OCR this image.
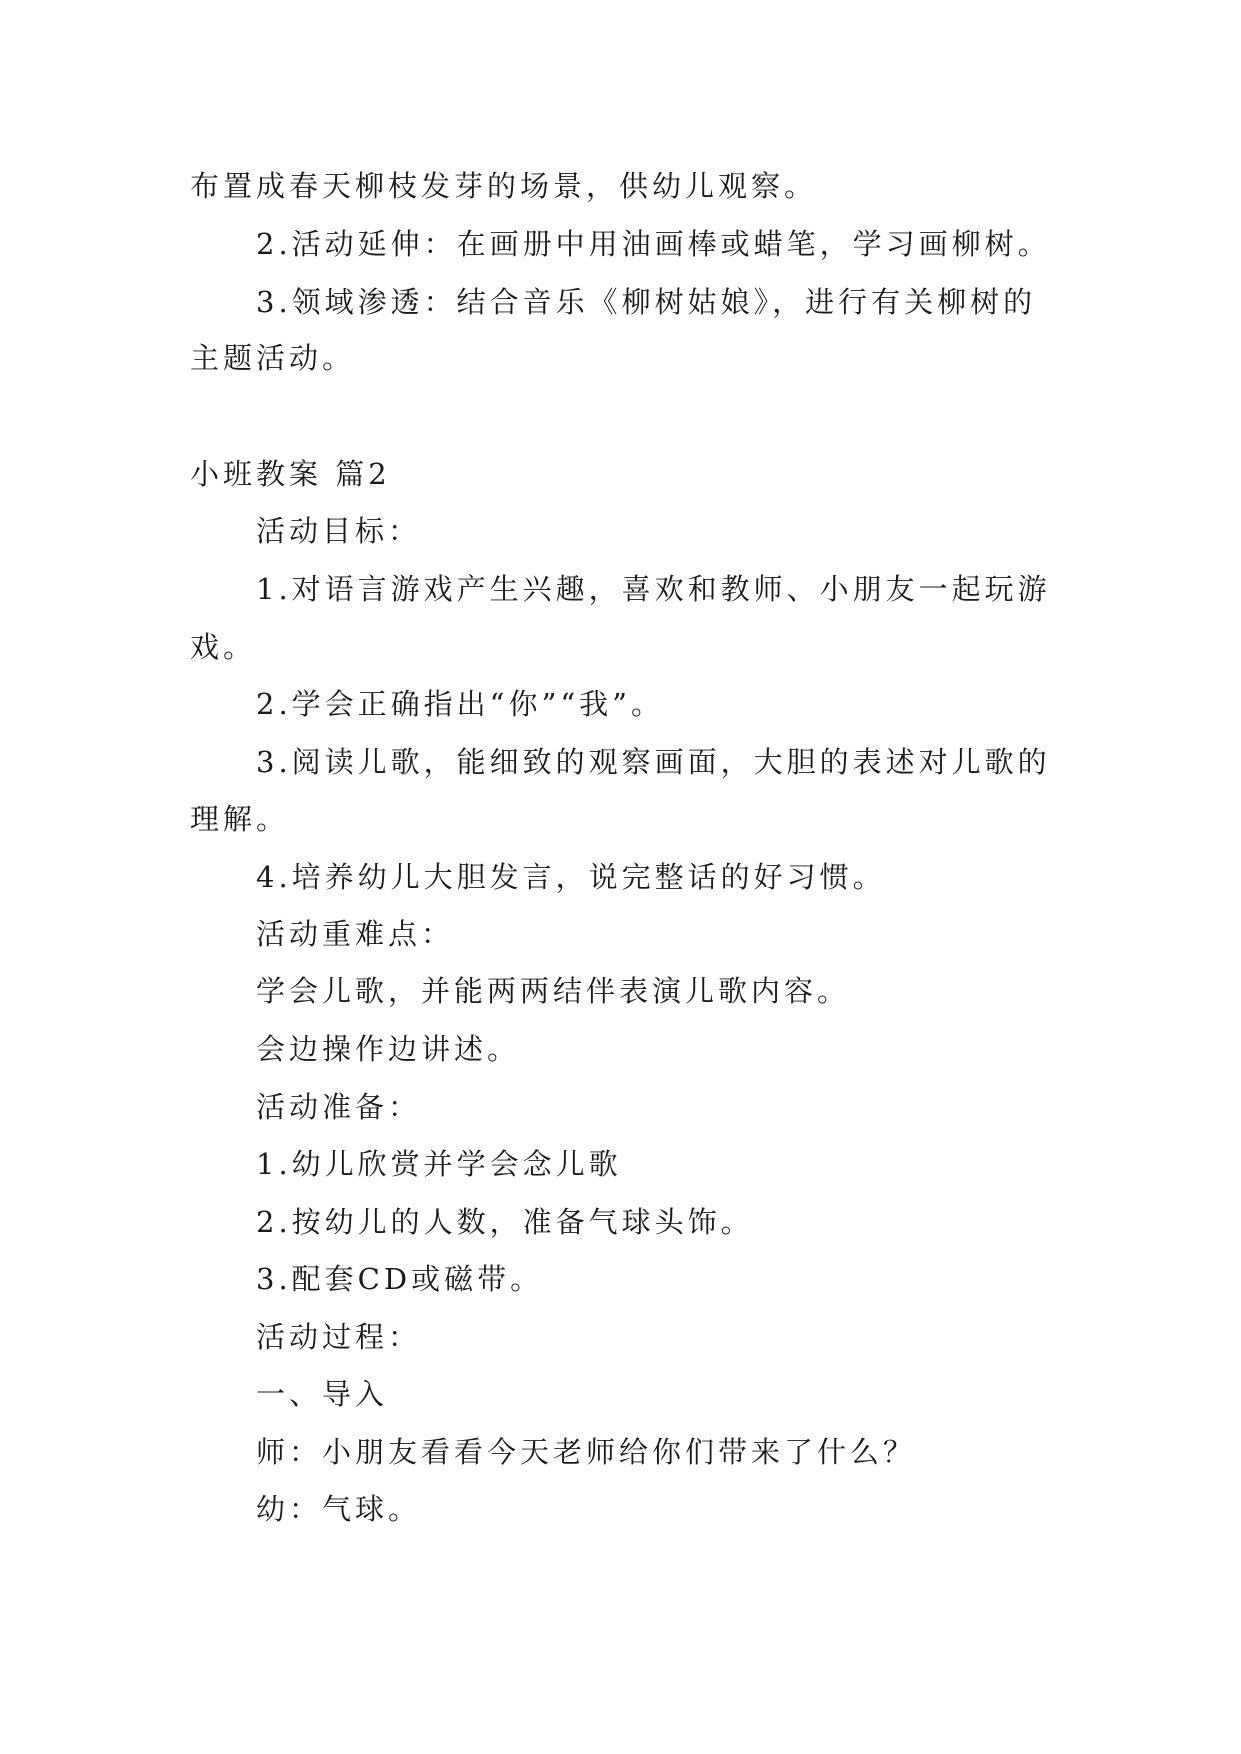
布置成春天柳枝发芽的场景，供幼儿观察。
2.活动延伸：在画册中用油画棒或蜡笔，学习画柳树。
3.领域渗透：结合音乐《柳树姑娘》，进行有关柳树的
主题活动。
小班教案 篇2
活动目标：
1.对语言游戏产生兴趣，喜欢和教师、小朋友一起玩游
戏。
2.学会正确指出“你”“我”。
3.阅读儿歌，能细致的观察画面，大胆的表述对儿歌的
理解。
4.培养幼儿大胆发言，说完整话的好习惯。
活动重难点：
学会儿歌，并能两两结伴表演儿歌内容。
会边操作边讲述。
活动准备：
1.幼儿欣赏并学会念儿歌
2.按幼儿的人数，准备气球头饰。
3.配套CD或磁带。
活动过程：
一、导入
师：小朋友看看今天老师给你们带来了什么？
幼：气球。
